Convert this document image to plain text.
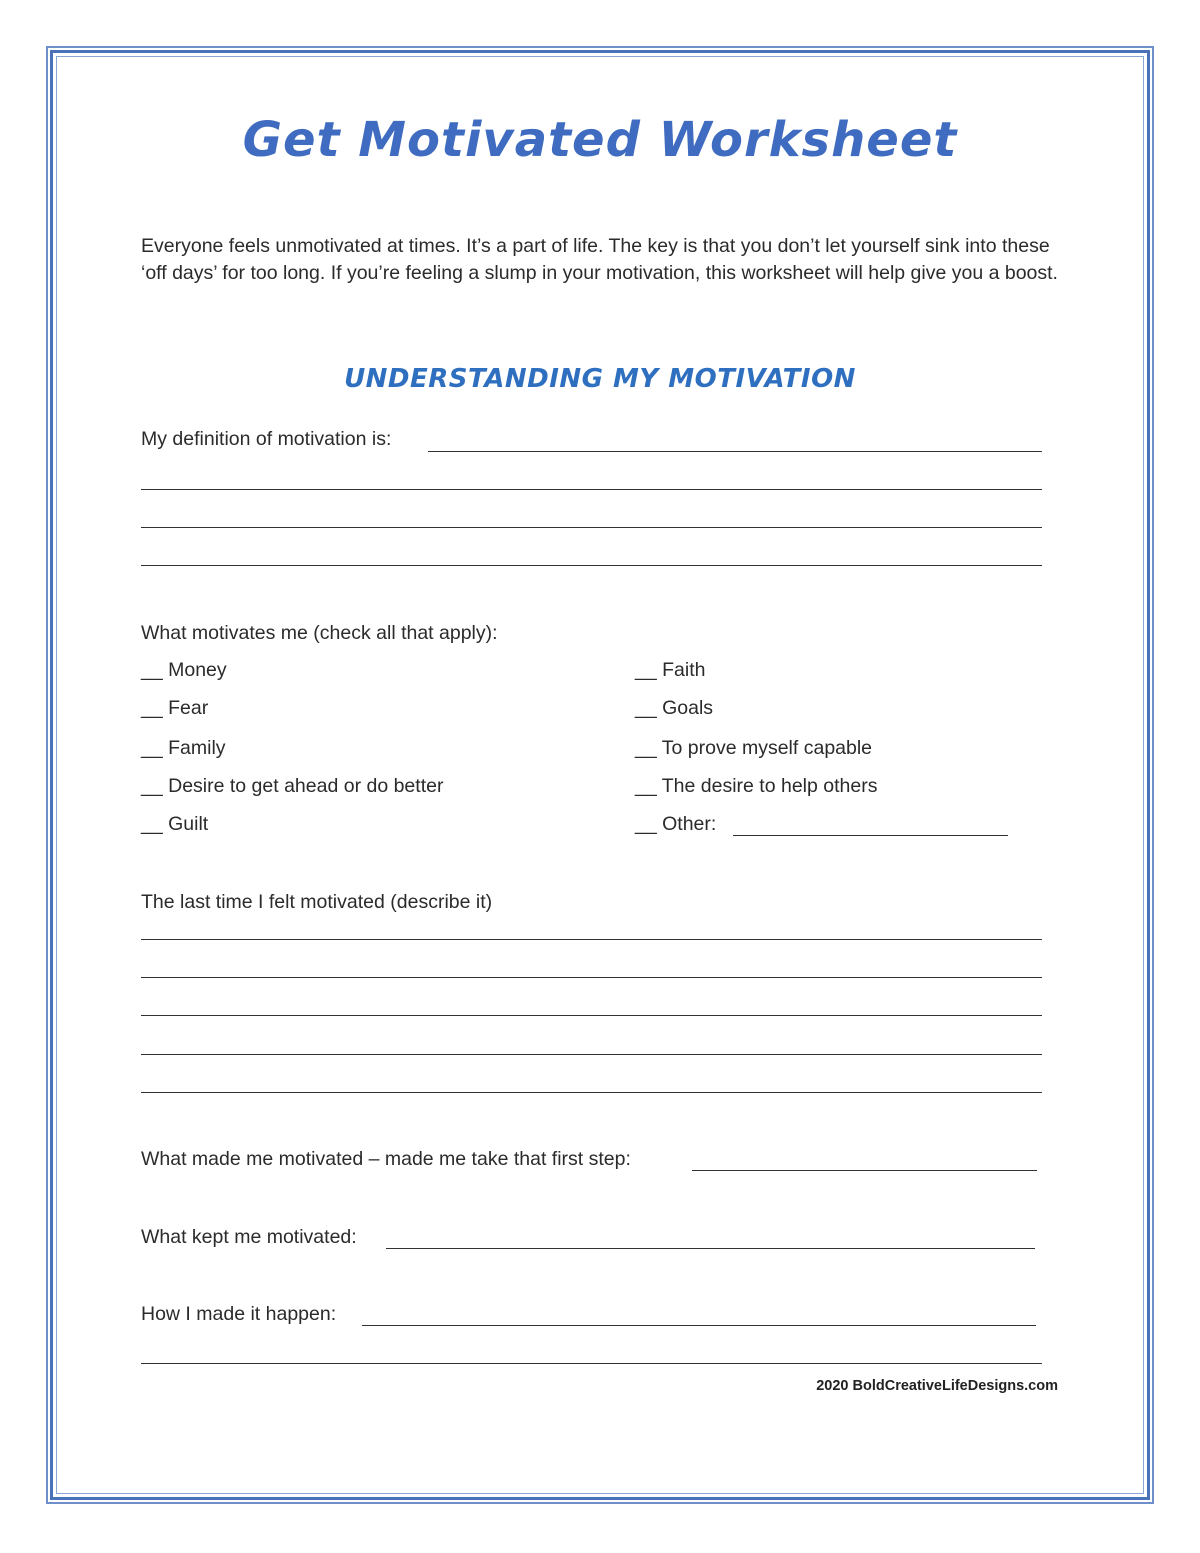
Get Motivated Worksheet
Everyone feels unmotivated at times. It’s a part of life. The key is that you don’t let yourself sink into these ‘off days’ for too long. If you’re feeling a slump in your motivation, this worksheet will help give you a boost.
UNDERSTANDING MY MOTIVATION
My definition of motivation is:
What motivates me (check all that apply):
__ Money
__ Fear
__ Family
__ Desire to get ahead or do better
__ Guilt
__ Faith
__ Goals
__ To prove myself capable
__ The desire to help others
__ Other:
The last time I felt motivated (describe it)
What made me motivated – made me take that first step:
What kept me motivated:
How I made it happen:
2020 BoldCreativeLifeDesigns.com
